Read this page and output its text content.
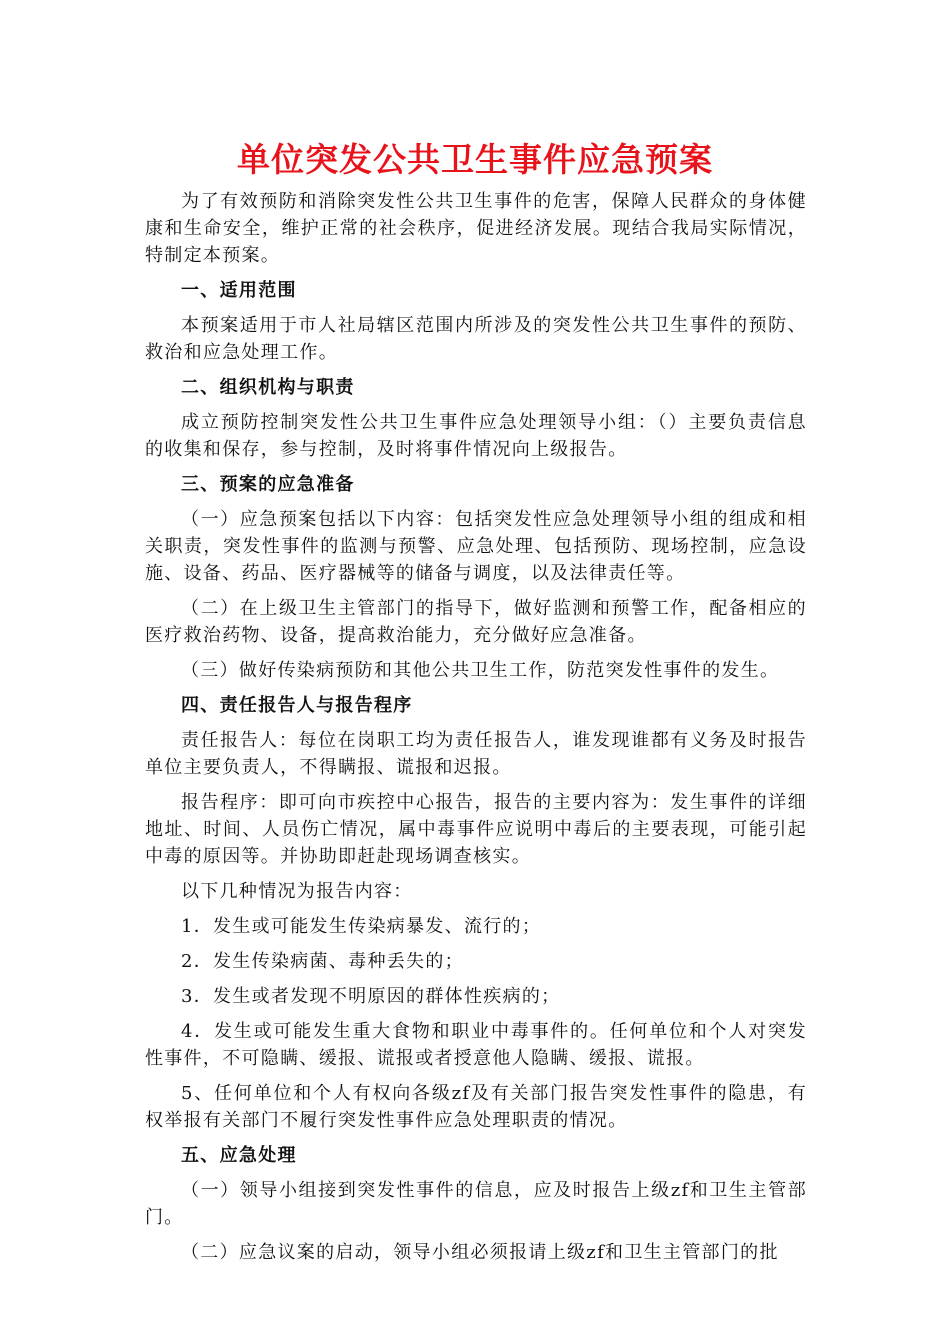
单位突发公共卫生事件应急预案

为了有效预防和消除突发性公共卫生事件的危害，保障人民群众的身体健康和生命安全，维护正常的社会秩序，促进经济发展。现结合我局实际情况，特制定本预案。

一、适用范围

本预案适用于市人社局辖区范围内所涉及的突发性公共卫生事件的预防、救治和应急处理工作。

二、组织机构与职责

成立预防控制突发性公共卫生事件应急处理领导小组：（）主要负责信息的收集和保存，参与控制，及时将事件情况向上级报告。

三、预案的应急准备

（一）应急预案包括以下内容：包括突发性应急处理领导小组的组成和相关职责，突发性事件的监测与预警、应急处理、包括预防、现场控制，应急设施、设备、药品、医疗器械等的储备与调度，以及法律责任等。

（二）在上级卫生主管部门的指导下，做好监测和预警工作，配备相应的医疗救治药物、设备，提高救治能力，充分做好应急准备。

（三）做好传染病预防和其他公共卫生工作，防范突发性事件的发生。

四、责任报告人与报告程序

责任报告人：每位在岗职工均为责任报告人，谁发现谁都有义务及时报告单位主要负责人，不得瞒报、谎报和迟报。

报告程序：即可向市疾控中心报告，报告的主要内容为：发生事件的详细地址、时间、人员伤亡情况，属中毒事件应说明中毒后的主要表现，可能引起中毒的原因等。并协助即赶赴现场调查核实。

以下几种情况为报告内容：

1．发生或可能发生传染病暴发、流行的；

2．发生传染病菌、毒种丢失的；

3．发生或者发现不明原因的群体性疾病的；

4．发生或可能发生重大食物和职业中毒事件的。任何单位和个人对突发性事件，不可隐瞒、缓报、谎报或者授意他人隐瞒、缓报、谎报。

5、任何单位和个人有权向各级zf及有关部门报告突发性事件的隐患，有权举报有关部门不履行突发性事件应急处理职责的情况。

五、应急处理

（一）领导小组接到突发性事件的信息，应及时报告上级zf和卫生主管部门。

（二）应急议案的启动，领导小组必须报请上级zf和卫生主管部门的批
